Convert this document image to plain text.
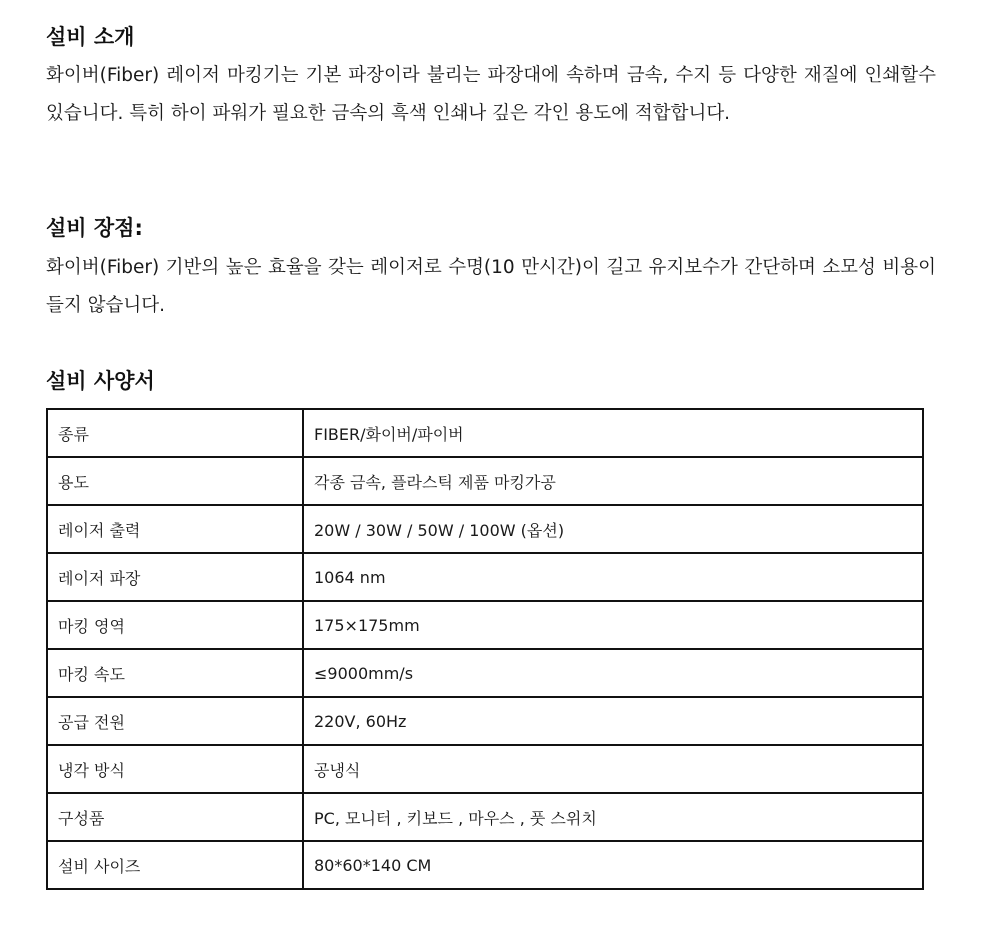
설비 소개

화이버(Fiber) 레이저 마킹기는 기본 파장이라 불리는 파장대에 속하며 금속, 수지 등 다양한 재질에 인쇄할수 있습니다. 특히 하이 파워가 필요한 금속의 흑색 인쇄나 깊은 각인 용도에 적합합니다.

설비 장점:

화이버(Fiber) 기반의 높은 효율을 갖는 레이저로 수명(10 만시간)이 길고 유지보수가 간단하며 소모성 비용이 들지 않습니다.

설비 사양서
종류	FIBER/화이버/파이버
용도	각종 금속, 플라스틱 제품 마킹가공
레이저 출력	20W / 30W / 50W / 100W (옵션)
레이저 파장	1064 nm
마킹 영역	175×175mm
마킹 속도	≤9000mm/s
공급 전원	220V, 60Hz
냉각 방식	공냉식
구성품	PC, 모니터 , 키보드 , 마우스 , 풋 스위치
설비 사이즈	80*60*140 CM
